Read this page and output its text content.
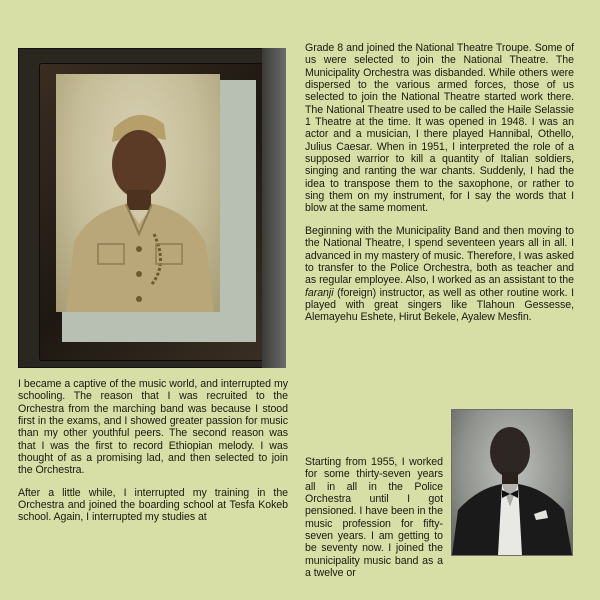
I became a captive of the music world, and interrupted my schooling. The reason that I was recruited to the Orchestra from the marching band was because I stood first in the exams, and I showed greater passion for music than my other youthful peers. The second reason was that I was the first to record Ethiopian melody. I was thought of as a promising lad, and then selected to join the Orchestra.

After a little while, I interrupted my training in the Orchestra and joined the boarding school at Tesfa Kokeb school. Again, I interrupted my studies at

Grade 8 and joined the National Theatre Troupe. Some of us were selected to join the National Theatre. The Municipality Orchestra was disbanded. While others were dispersed to the various armed forces, those of us selected to join the National Theatre started work there. The National Theatre used to be called the Haile Selassie 1 Theatre at the time. It was opened in 1948. I was an actor and a musician, I there played Hannibal, Othello, Julius Caesar. When in 1951, I interpreted the role of a supposed warrior to kill a quantity of Italian soldiers, singing and ranting the war chants. Suddenly, I had the idea to transpose them to the saxophone, or rather to sing them on my instrument, for I say the words that I blow at the same moment.

Beginning with the Municipality Band and then moving to the National Theatre, I spend seventeen years all in all. I advanced in my mastery of music. Therefore, I was asked to transfer to the Police Orchestra, both as teacher and as regular employee. Also, I worked as an assistant to the faranji (foreign) instructor, as well as other routine work. I played with great singers like Tlahoun Gessesse, Alemayehu Eshete, Hirut Bekele, Ayalew Mesfin.

Starting from 1955, I worked for some thirty-seven years all in all in the Police Orchestra until I got pensioned. I have been in the music profession for fifty-seven years. I am getting to be seventy now. I joined the municipality music band as a a twelve or
